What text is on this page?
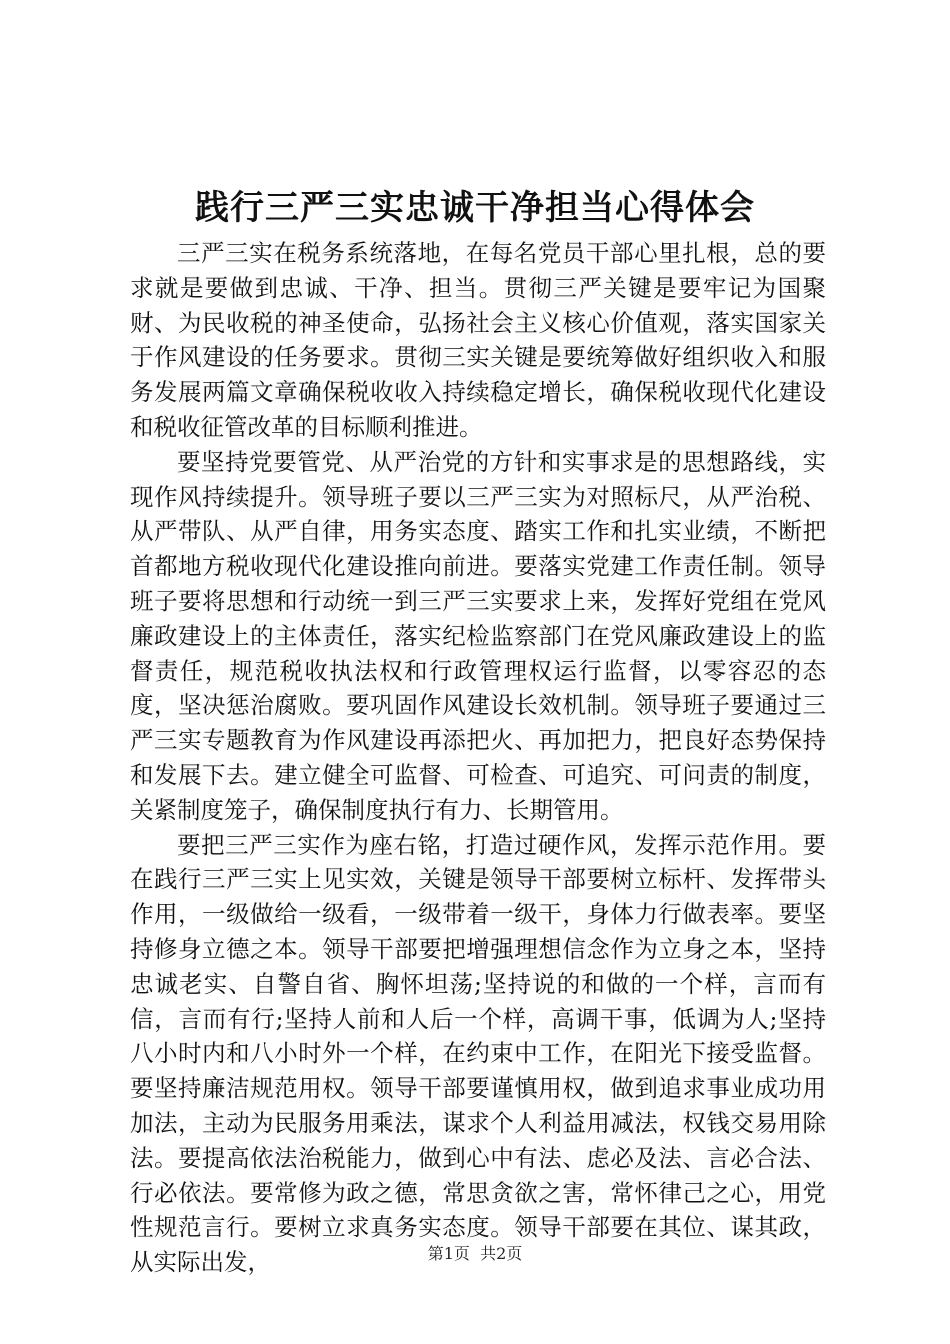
践行三严三实忠诚干净担当心得体会

三严三实在税务系统落地，在每名党员干部心里扎根，总的要求就是要做到忠诚、干净、担当。贯彻三严关键是要牢记为国聚财、为民收税的神圣使命，弘扬社会主义核心价值观，落实国家关于作风建设的任务要求。贯彻三实关键是要统筹做好组织收入和服务发展两篇文章确保税收收入持续稳定增长，确保税收现代化建设和税收征管改革的目标顺利推进。

要坚持党要管党、从严治党的方针和实事求是的思想路线，实现作风持续提升。领导班子要以三严三实为对照标尺，从严治税、从严带队、从严自律，用务实态度、踏实工作和扎实业绩，不断把首都地方税收现代化建设推向前进。要落实党建工作责任制。领导班子要将思想和行动统一到三严三实要求上来，发挥好党组在党风廉政建设上的主体责任，落实纪检监察部门在党风廉政建设上的监督责任，规范税收执法权和行政管理权运行监督，以零容忍的态度，坚决惩治腐败。要巩固作风建设长效机制。领导班子要通过三严三实专题教育为作风建设再添把火、再加把力，把良好态势保持和发展下去。建立健全可监督、可检查、可追究、可问责的制度，关紧制度笼子，确保制度执行有力、长期管用。

要把三严三实作为座右铭，打造过硬作风，发挥示范作用。要在践行三严三实上见实效，关键是领导干部要树立标杆、发挥带头作用，一级做给一级看，一级带着一级干，身体力行做表率。要坚持修身立德之本。领导干部要把增强理想信念作为立身之本，坚持忠诚老实、自警自省、胸怀坦荡;坚持说的和做的一个样，言而有信，言而有行;坚持人前和人后一个样，高调干事，低调为人;坚持八小时内和八小时外一个样，在约束中工作，在阳光下接受监督。要坚持廉洁规范用权。领导干部要谨慎用权，做到追求事业成功用加法，主动为民服务用乘法，谋求个人利益用减法，权钱交易用除法。要提高依法治税能力，做到心中有法、虑必及法、言必合法、行必依法。要常修为政之德，常思贪欲之害，常怀律己之心，用党性规范言行。要树立求真务实态度。领导干部要在其位、谋其政，从实际出发，	第1页 共2页
